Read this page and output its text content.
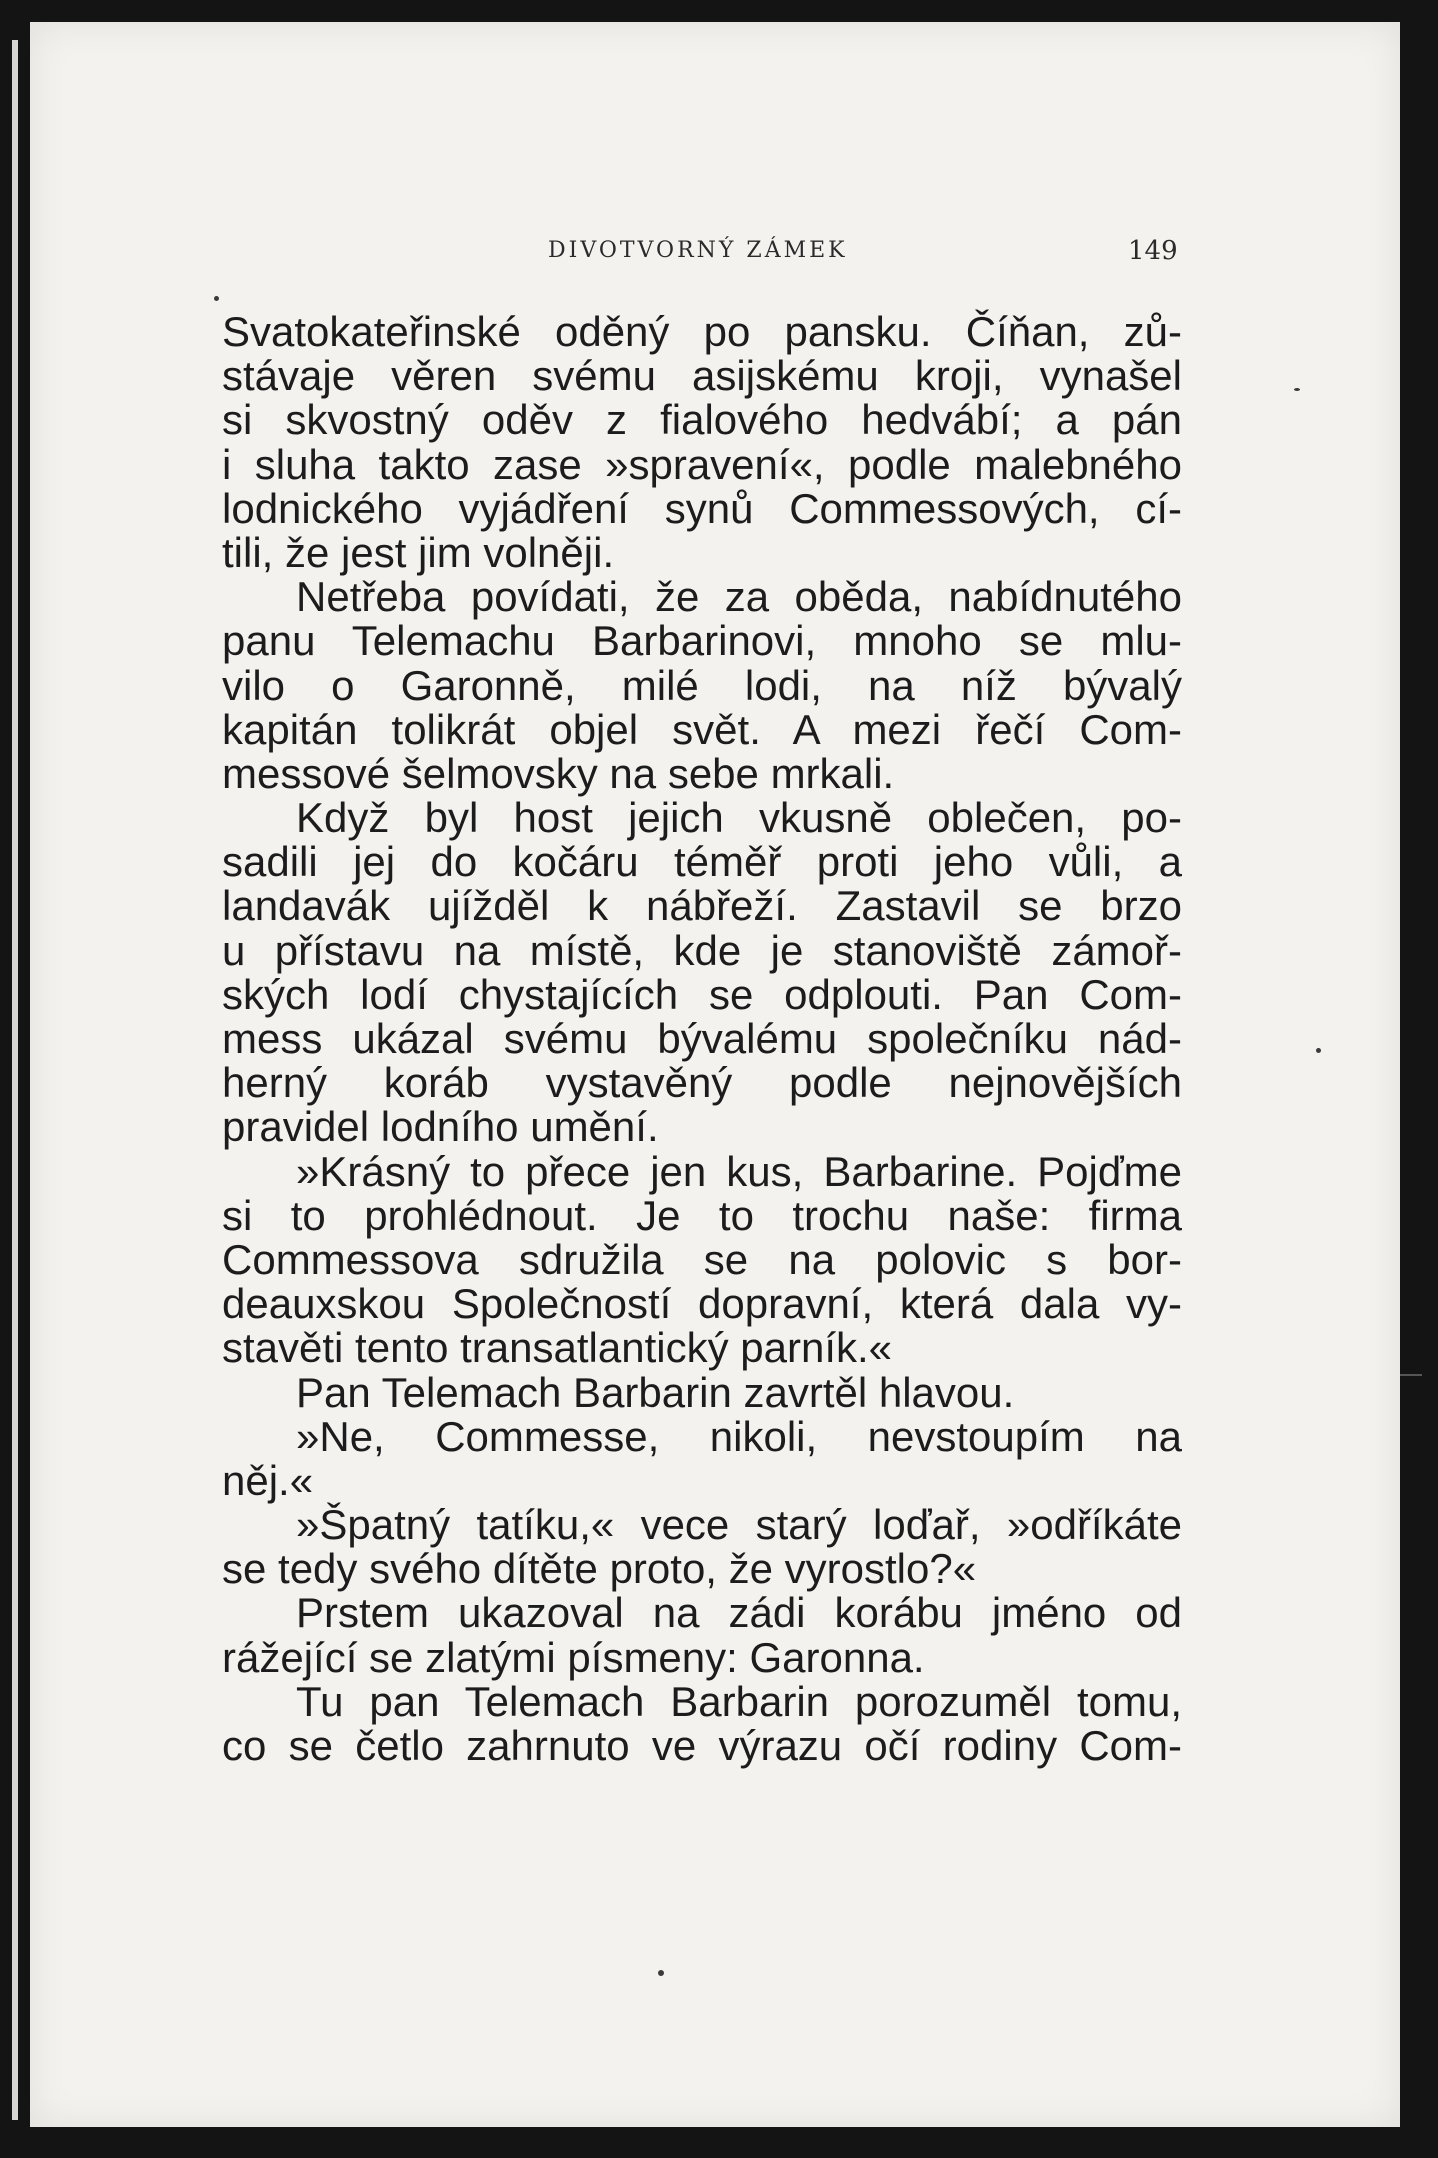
DIVOTVORNÝ ZÁMEK	149
Svatokateřinské oděný po pansku. Číňan, zů-
stávaje věren svému asijskému kroji, vynašel
si skvostný oděv z fialového hedvábí; a pán
i sluha takto zase »spravení«, podle malebného
lodnického vyjádření synů Commessových, cí-
tili, že jest jim volněji.
Netřeba povídati, že za oběda, nabídnutého
panu Telemachu Barbarinovi, mnoho se mlu-
vilo o Garonně, milé lodi, na níž bývalý
kapitán tolikrát objel svět. A mezi řečí Com-
messové šelmovsky na sebe mrkali.
Když byl host jejich vkusně oblečen, po-
sadili jej do kočáru téměř proti jeho vůli, a
landavák ujížděl k nábřeží. Zastavil se brzo
u přístavu na místě, kde je stanoviště zámoř-
ských lodí chystajících se odplouti. Pan Com-
mess ukázal svému bývalému společníku nád-
herný koráb vystavěný podle nejnovějších
pravidel lodního umění.
»Krásný to přece jen kus, Barbarine. Pojďme
si to prohlédnout. Je to trochu naše: firma
Commessova sdružila se na polovic s bor-
deauxskou Společností dopravní, která dala vy-
stavěti tento transatlantický parník.«
Pan Telemach Barbarin zavrtěl hlavou.
»Ne, Commesse, nikoli, nevstoupím na
něj.«
»Špatný tatíku,« vece starý loďař, »odříkáte
se tedy svého dítěte proto, že vyrostlo?«
Prstem ukazoval na zádi korábu jméno od
rážející se zlatými písmeny: Garonna.
Tu pan Telemach Barbarin porozuměl tomu,
co se četlo zahrnuto ve výrazu očí rodiny Com-
